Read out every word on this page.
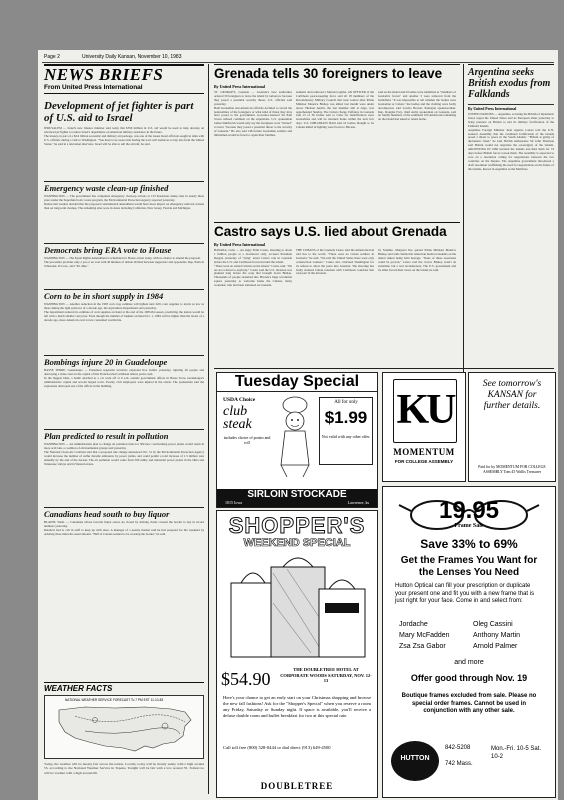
Page 2	University Daily Kansan, November 10, 1983
NEWS BRIEFS
From United Press International
Development of jet fighter is part of U.S. aid to Israel

JERUSALEM — Israel's new finance minister said today that $550 million in U.S. aid would be used to help develop an advanced jet fighter to reduce Israel's dependence on American military assistance in the future.

The money, in part of a $2.6 billion economic and military aid package, was one of the issues Israel officials sought in talks with U.S. officials during a visit to Washington. "You have to be aware that having the Lavi will enable us to buy less from the United States," he said in a television interview. Israel will be able to sell the aircraft, he said.

Emergency waste clean-up finished

WASHINGTON — The government has completed emergency clean-up actions at 133 hazardous dump sites in nearly three years under the Superfund toxic waste program, the Environmental Protection Agency reported yesterday.

Democratic leaders decided that the proposed constitutional amendment would have more impact on emergency removal actions than on long-term cleanup. The remaining sites were in states including California, New Jersey, Florida and Michigan.

Democrats bring ERA vote to House

WASHINGTON — The Equal Rights Amendment is scheduled for House action today, with no chance to amend the proposal.

The procedure provides only a yes or no vote with 40 minutes of debate divided between supporters and opponents. Rep. Patricia Schroeder, D-Colo., said "It's time."

Corn to be in short supply in 1984

WASHINGTON — Another reduction in the 1983 corn crop estimate will tighten next fall's corn supplies to levels as low as those during the tight grain era of a decade ago, the Agriculture Department said yesterday.

The department reduced its estimate of corn supplies on hand at the end of the 1983-84 season, predicting the nation would be left with a much smaller carryover. Even though the number of bushels on hand Oct. 1, 1984 will be higher than the levels of a decade ago, more American corn is now consumed worldwide.

Bombings injure 20 in Guadeloupe

BASSE TERRE, Guadeloupe — Presumed separatist terrorists exploded five bombs yesterday, injuring 20 people and destroying a video store in the capital of this French-ruled Caribbean island, police said.

In the biggest blast, a bomb attached to a car went off at 9 a.m. outside government offices in Basse Terre, Guadeloupe's administrative capital and second largest town. Twenty civil employees were injured in the attack. The spokesman said the explosions destroyed one of the offices in the building.

Plan predicted to result in pollution

WASHINGTON — An administration plan to change air pollution rules for 500 new coal-burning power plants would result in more acid rain, a coalition of environmental groups said yesterday.

The National Clean Air Coalition said that a proposed rule change announced Oct. 31 by the Environmental Protection Agency would increase the number of sulfur dioxide emissions by power plants, and could permit a total increase of 1.5 million tons annually by the end of the decade. The air pollution would come from 500 utility and industrial power plants in the Ohio and Tennessee valleys and in Western states.

Canadians head south to buy liquor

BLAINE, Wash. — Canadians whose favorite liquor stores are closed by striking clerks crossed the border to buy in record numbers yesterday.

Retailers had to call in staff to keep up with sales. A manager of a nearby market said he had prepared for the weekend by ordering three times his usual amount. "Half of Canada seemed to be crossing the border," he said.

WEATHER FACTS
NATIONAL WEATHER SERVICE FORECAST To 7 PM EST 11-10-83
Today, the weather will be mostly fair across the nation. Locally, today will be mostly sunny with a high around 55, according to the National Weather Service in Topeka. Tonight will be fair with a low around 35. Tomorrow will be warmer with a high around 60.
Grenada tells 30 foreigners to leave
By United Press International

ST. GEORGE'S, Grenada — Grenada's new authorities ordered 30 foreigners to leave the island by tomorrow because they posed a potential security threat, U.S. officials said yesterday.

Both Grenadian and American officials declined to reveal the nationalities of the foreigners or what kind of threat they may have posed to the government. Governor-General Sir Paul Scoon refused comment on the expulsions. U.S. spokesman James Smithwick would only say the foreigners were "invited" to leave "because they posed a potential threat to the security of Grenada." He also said 148 former Grenadian soldiers and militiamen would be freed to rejoin their families.

students and reoffered a Marxist regime. AN OFFICER of the Caribbean peace-keeping force said all 18 members of the Revolutionary Military Council that took control after Prime Minister Maurice Bishop was killed last month were under arrest. Hudson Austin, the last member still at large, was apprehended Sunday. The Cuban charge d'affaires in Grenada said 15 of 36 bodies sent to Cuba for identification were Grenadians and will be returned home within the next few days. U.S. DIPLOMATS HAD said 16 bodies thought to be Cubans killed in fighting were flown to Havana.

said on the island said 6 bodies were identified as "members of Grenada's forces" and another 3 were removed from the battlefield. "It was impossible to tell whether the bodies were Grenadian or Cuban," the bodies and the clothing were badly decomposed, said Loretta Bowen, Pentagon spokeswoman. Rep. Douglas Frey, chief Army spokesman on Grenada, said no family members of the estimated 100 Americans remaining on the island had asked to return home.

Castro says U.S. lied about Grenada
By United Press International

HAVANA, Cuba — An angry Fidel Castro, shouting to about 1 million people at a downtown rally, accused President Reagan yesterday of "lying" about Cuba's role in Grenada before the U.S. and Caribbean forces invaded the island.

"There were no armed Cubans on the island," Castro said. "We are not a threat to anybody." Castro said the U.S. invasion was planned long before the coup that brought down Bishop. Thousands of people streamed into Havana's huge revolution square yesterday to welcome home the Cubans, many wounded, who had been stationed on Grenada.

THE CUBANS of the Grenada Castro said the Americans had told lies to the world. "There were no Cuban soldiers in Grenada," he said. "We told the United States there were only construction workers." Castro also criticized Washington for its refusal to allow the press into Grenada. The shooting has badly strained Cuban relations with Caribbean countries that took part in the invasion.

by Sandino. Margaret Ilse quoted Prime Minister Maurice Bishop said with claims that American medical students on the island risked being held hostage. "None of these assertions could be proved," Castro told the crowd. Bishop wasn't an extremist, but a real revolutionary. The U.S. government and its allies forced their views on the island, he said.

Argentina seeks British exodus from Falklands
By United Press International

UNITED NATIONS — Argentina, accusing the British of diplomatic fraud, urged the United States and its European allies yesterday to bring pressure on Britain to end its military fortification of the Falkland Islands.

Argentine Foreign Minister Juan Aguirre Lanari told the U.N. General Assembly that the continued fortification of the islands posed a threat to peace in the South Atlantic. "Britain is guilty of diplomatic fraud," he said. British ambassador Sir John Thomson said Britain would not negotiate the sovereignty of the islands. ARGENTINA IN 1982 invaded the islands and held them for 74 days before British forces retook them. The assembly is expected to vote on a resolution calling for negotiations between the two countries on the dispute. The Argentine government introduced a draft resolution reaffirming the need for negotiations on the future of the islands, known in Argentina as the Malvinas.

Tuesday Special
USDA Choice
club steak
includes choice of potato and roll
All for only
$1.99
Not valid with any other offer.
SIRLOIN STOCKADE
1015 Iowa	Lawrence, ks
KU
MOMENTUM
FOR COLLEGE ASSEMBLY
See tomorrow's
KANSAN for
further details.
Paid for by MOMENTUM FOR COLLEGE ASSEMBLY Tom 45 Wallis Treasurer
SHOPPER'S
WEEKEND SPECIAL
$54.90	THE DOUBLETREE HOTEL AT CORPORATE WOODS SATURDAY, NOV. 12-13
Here's your chance to get an early start on your Christmas shopping and browse the new fall fashions! Ask for the "Shopper's Special" when you reserve a room any Friday, Saturday or Sunday night. If space is available, you'll receive a deluxe double room and buffet breakfast for two at this special rate.
Call toll free (800) 528-0444 or dial direct (913) 649-4500
DOUBLETREE
19.95
Frame Sale
Save 33% to 69%
Get the Frames You Want for the Lenses You Need
Hutton Optical can fill your prescription or duplicate your present one and fit you with a new frame that is just right for your face. Come in and select from:
Jordache	Oleg Cassini
Mary McFadden	Anthony Martin
Zsa Zsa Gabor	Arnold Palmer
and more
Offer good through Nov. 19
Boutique frames excluded from sale. Please no special order frames. Cannot be used in conjunction with any other sale.
HUTTON
842-5208
742 Mass.
Mon.-Fri. 10-5 Sat. 10-2
